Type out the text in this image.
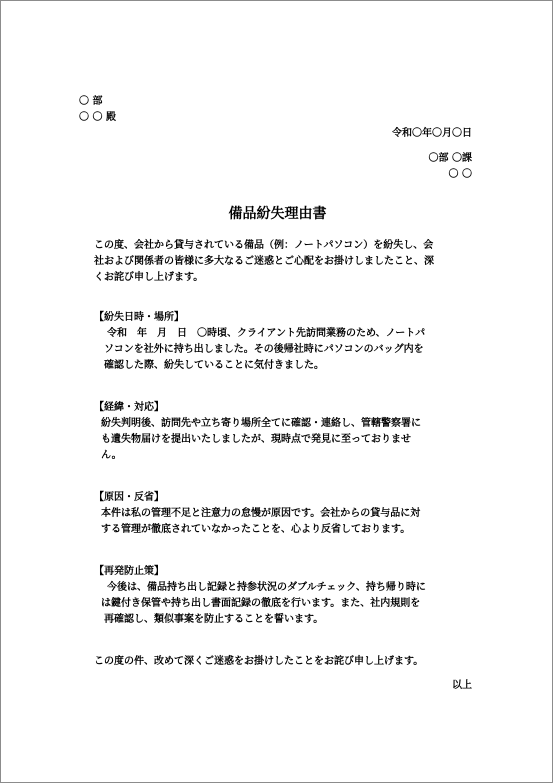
〇 部
〇 〇 殿
令和〇年〇月〇日
〇部 〇課
〇 〇
備品紛失理由書
この度、会社から貸与されている備品（例：ノートパソコン）を紛失し、会
社および関係者の皆様に多大なるご迷惑とご心配をお掛けしましたこと、深
くお詫び申し上げます。
【紛失日時・場所】
令和　年　月　日　〇時頃、クライアント先訪問業務のため、ノートパ
ソコンを社外に持ち出しました。その後帰社時にパソコンのバッグ内を
確認した際、紛失していることに気付きました。
【経緯・対応】
紛失判明後、訪問先や立ち寄り場所全てに確認・連絡し、管轄警察署に
も遺失物届けを提出いたしましたが、現時点で発見に至っておりませ
ん。
【原因・反省】
本件は私の管理不足と注意力の怠慢が原因です。会社からの貸与品に対
する管理が徹底されていなかったことを、心より反省しております。
【再発防止策】
今後は、備品持ち出し記録と持参状況のダブルチェック、持ち帰り時に
は鍵付き保管や持ち出し書面記録の徹底を行います。また、社内規則を
再確認し、類似事案を防止することを誓います。
この度の件、改めて深くご迷惑をお掛けしたことをお詫び申し上げます。
以上
